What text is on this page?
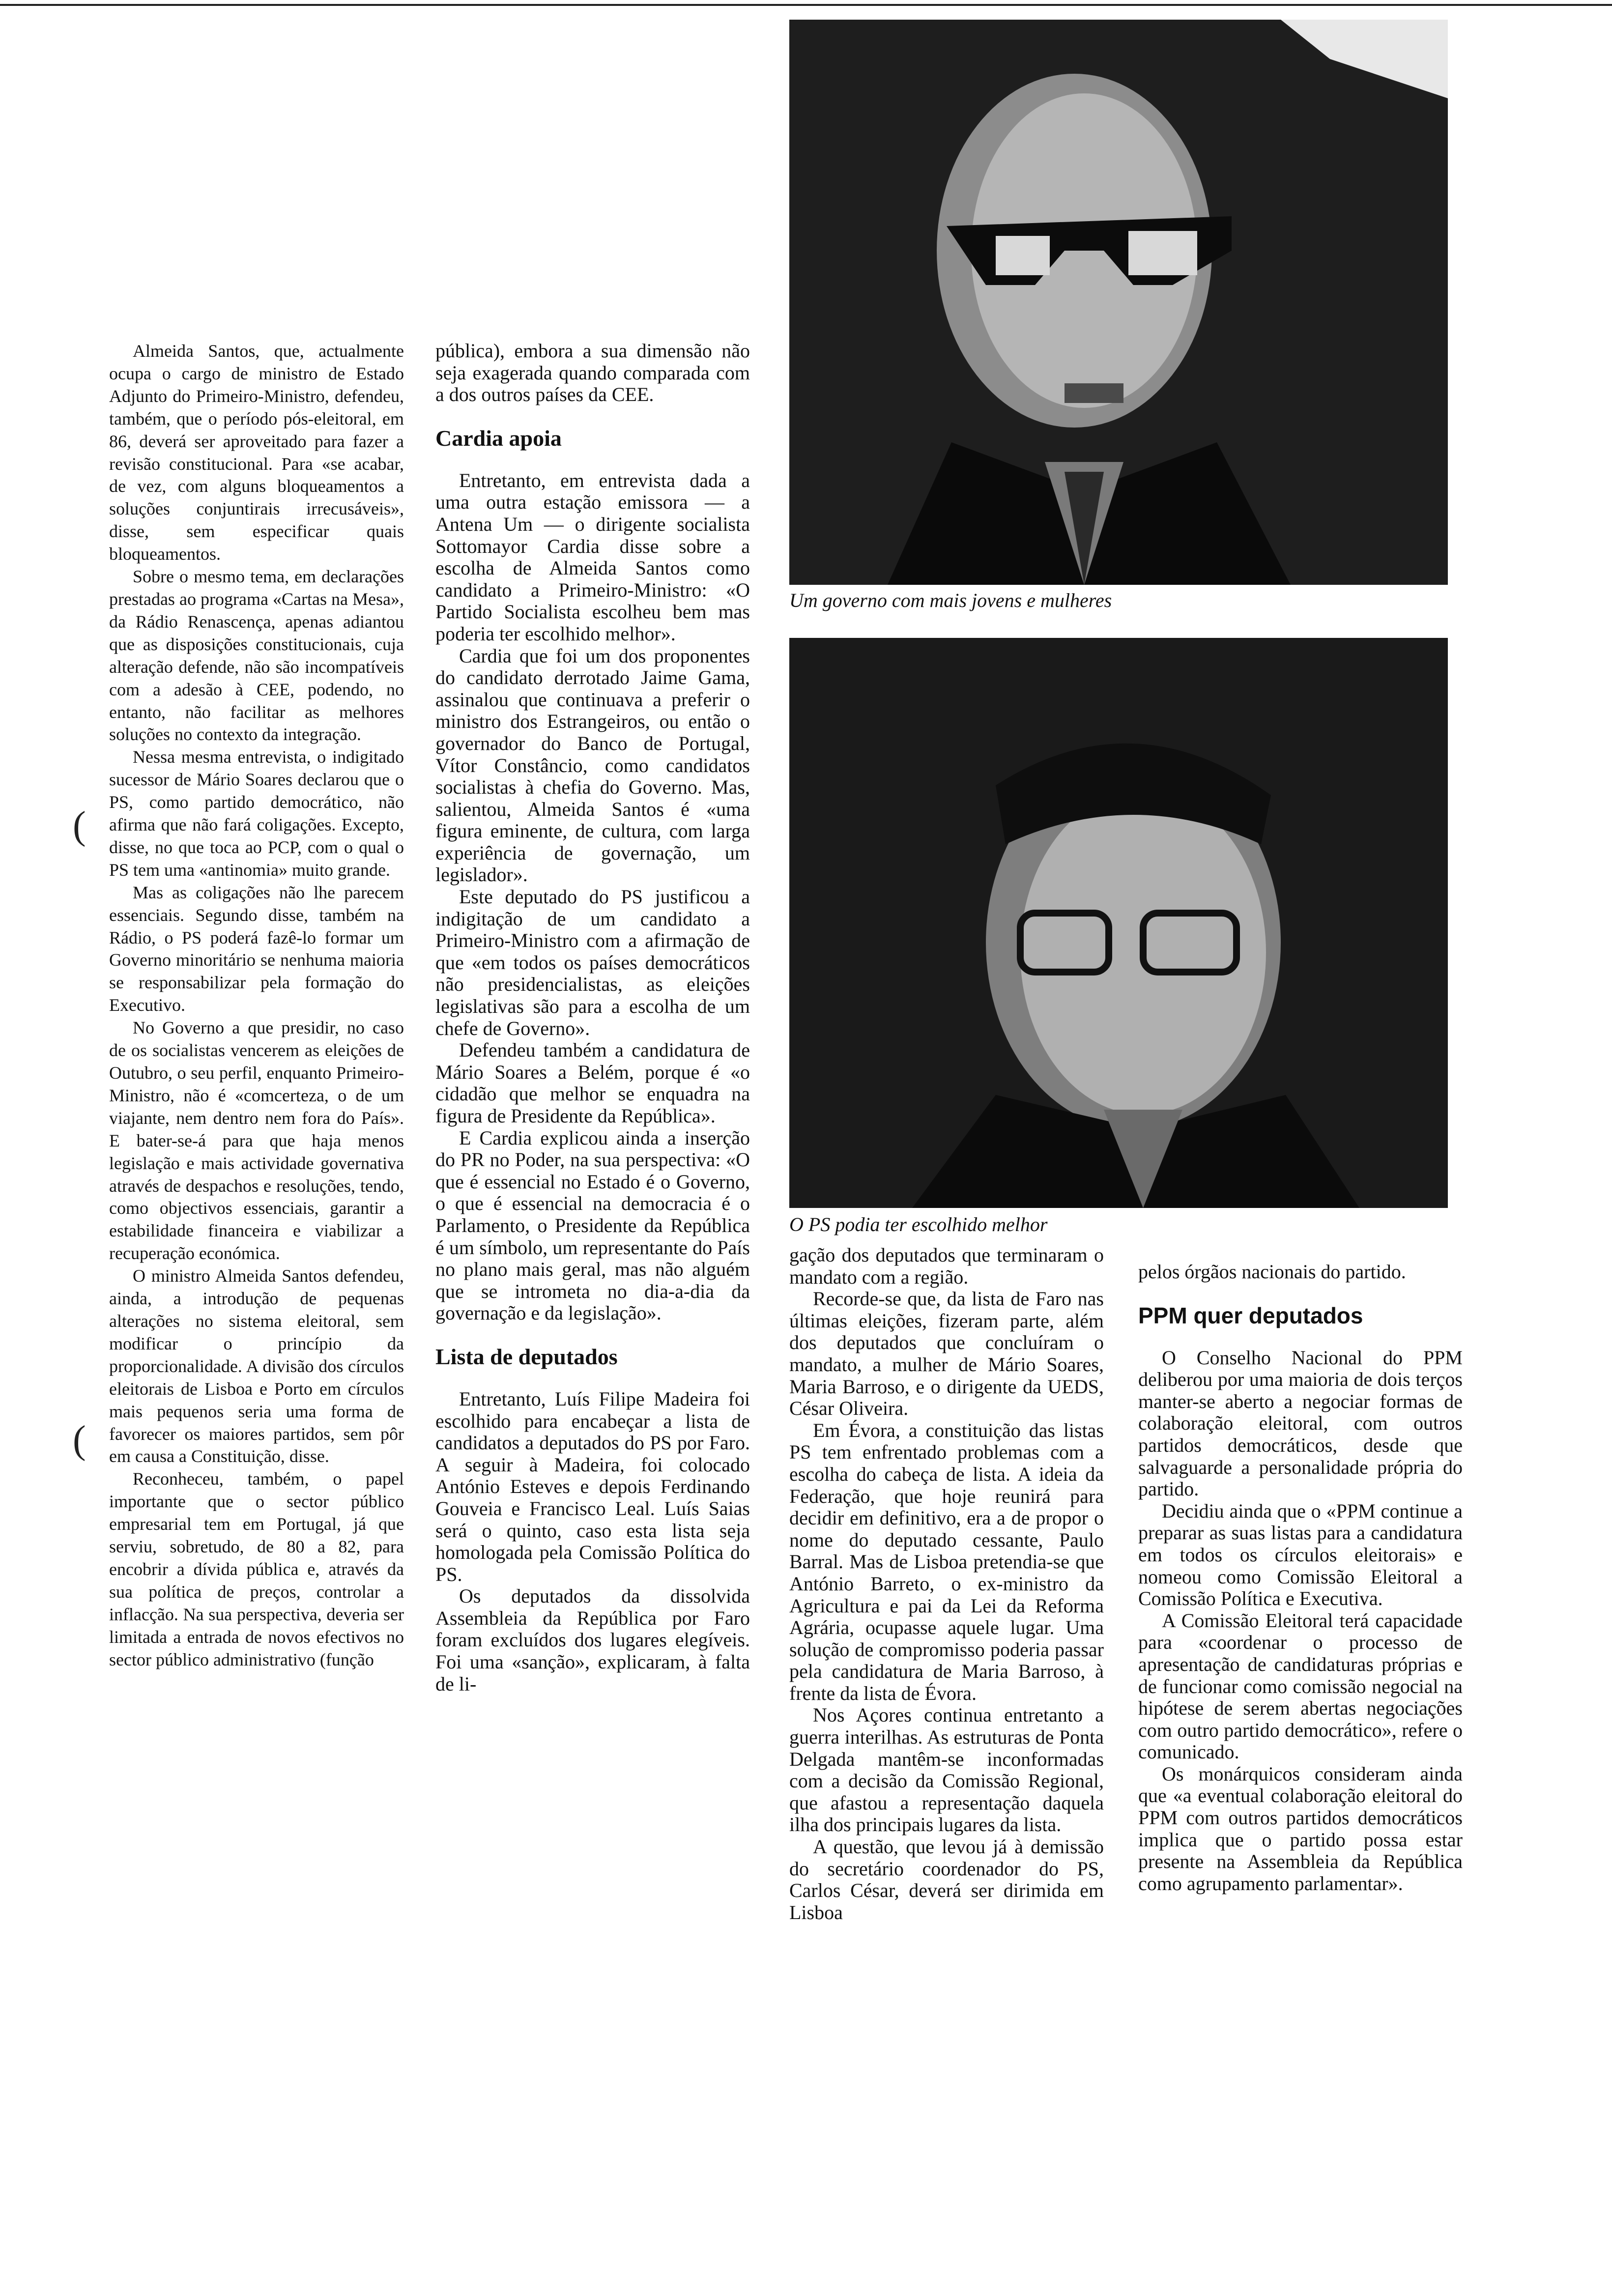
Um governo com mais jovens e mulheres
O PS podia ter escolhido melhor
(
(

Almeida Santos, que, actualmente ocupa o cargo de ministro de Estado Adjunto do Primeiro-Ministro, defendeu, também, que o período pós-eleitoral, em 86, deverá ser aproveitado para fazer a revisão constitucional. Para «se acabar, de vez, com alguns bloqueamentos a soluções conjuntirais irrecusáveis», disse, sem especificar quais bloqueamentos.

Sobre o mesmo tema, em declarações prestadas ao programa «Cartas na Mesa», da Rádio Renascença, apenas adiantou que as disposições constitucionais, cuja alteração defende, não são incompatíveis com a adesão à CEE, podendo, no entanto, não facilitar as melhores soluções no contexto da integração.

Nessa mesma entrevista, o indigitado sucessor de Mário Soares declarou que o PS, como partido democrático, não afirma que não fará coligações. Excepto, disse, no que toca ao PCP, com o qual o PS tem uma «antinomia» muito grande.

Mas as coligações não lhe parecem essenciais. Segundo disse, também na Rádio, o PS poderá fazê-lo formar um Governo minoritário se nenhuma maioria se responsabilizar pela formação do Executivo.

No Governo a que presidir, no caso de os socialistas vencerem as eleições de Outubro, o seu perfil, enquanto Primeiro-Ministro, não é «comcerteza, o de um viajante, nem dentro nem fora do País». E bater-se-á para que haja menos legislação e mais actividade governativa através de despachos e resoluções, tendo, como objectivos essenciais, garantir a estabilidade financeira e viabilizar a recuperação económica.

O ministro Almeida Santos defendeu, ainda, a introdução de pequenas alterações no sistema eleitoral, sem modificar o princípio da proporcionalidade. A divisão dos círculos eleitorais de Lisboa e Porto em círculos mais pequenos seria uma forma de favorecer os maiores partidos, sem pôr em causa a Constituição, disse.

Reconheceu, também, o papel importante que o sector público empresarial tem em Portugal, já que serviu, sobretudo, de 80 a 82, para encobrir a dívida pública e, através da sua política de preços, controlar a inflacção. Na sua perspectiva, deveria ser limitada a entrada de novos efectivos no sector público administrativo (função

pública), embora a sua dimensão não seja exagerada quando comparada com a dos outros países da CEE.

Cardia apoia

Entretanto, em entrevista dada a uma outra estação emissora — a Antena Um — o dirigente socialista Sottomayor Cardia disse sobre a escolha de Almeida Santos como candidato a Primeiro-Ministro: «O Partido Socialista escolheu bem mas poderia ter escolhido melhor».

Cardia que foi um dos proponentes do candidato derrotado Jaime Gama, assinalou que continuava a preferir o ministro dos Estrangeiros, ou então o governador do Banco de Portugal, Vítor Constâncio, como candidatos socialistas à chefia do Governo. Mas, salientou, Almeida Santos é «uma figura eminente, de cultura, com larga experiência de governação, um legislador».

Este deputado do PS justificou a indigitação de um candidato a Primeiro-Ministro com a afirmação de que «em todos os países democráticos não presidencialistas, as eleições legislativas são para a escolha de um chefe de Governo».

Defendeu também a candidatura de Mário Soares a Belém, porque é «o cidadão que melhor se enquadra na figura de Presidente da República».

E Cardia explicou ainda a inserção do PR no Poder, na sua perspectiva: «O que é essencial no Estado é o Governo, o que é essencial na democracia é o Parlamento, o Presidente da República é um símbolo, um representante do País no plano mais geral, mas não alguém que se intrometa no dia-a-dia da governação e da legislação».

Lista de deputados

Entretanto, Luís Filipe Madeira foi escolhido para encabeçar a lista de candidatos a deputados do PS por Faro. A seguir à Madeira, foi colocado António Esteves e depois Ferdinando Gouveia e Francisco Leal. Luís Saias será o quinto, caso esta lista seja homologada pela Comissão Política do PS.

Os deputados da dissolvida Assembleia da República por Faro foram excluídos dos lugares elegíveis. Foi uma «sanção», explicaram, à falta de li-

gação dos deputados que terminaram o mandato com a região.

Recorde-se que, da lista de Faro nas últimas eleições, fizeram parte, além dos deputados que concluíram o mandato, a mulher de Mário Soares, Maria Barroso, e o dirigente da UEDS, César Oliveira.

Em Évora, a constituição das listas PS tem enfrentado problemas com a escolha do cabeça de lista. A ideia da Federação, que hoje reunirá para decidir em definitivo, era a de propor o nome do deputado cessante, Paulo Barral. Mas de Lisboa pretendia-se que António Barreto, o ex-ministro da Agricultura e pai da Lei da Reforma Agrária, ocupasse aquele lugar. Uma solução de compromisso poderia passar pela candidatura de Maria Barroso, à frente da lista de Évora.

Nos Açores continua entretanto a guerra interilhas. As estruturas de Ponta Delgada mantêm-se inconformadas com a decisão da Comissão Regional, que afastou a representação daquela ilha dos principais lugares da lista.

A questão, que levou já à demissão do secretário coordenador do PS, Carlos César, deverá ser dirimida em Lisboa

pelos órgãos nacionais do partido.

PPM quer deputados

O Conselho Nacional do PPM deliberou por uma maioria de dois terços manter-se aberto a negociar formas de colaboração eleitoral, com outros partidos democráticos, desde que salvaguarde a personalidade própria do partido.

Decidiu ainda que o «PPM continue a preparar as suas listas para a candidatura em todos os círculos eleitorais» e nomeou como Comissão Eleitoral a Comissão Política e Executiva.

A Comissão Eleitoral terá capacidade para «coordenar o processo de apresentação de candidaturas próprias e de funcionar como comissão negocial na hipótese de serem abertas negociações com outro partido democrático», refere o comunicado.

Os monárquicos consideram ainda que «a eventual colaboração eleitoral do PPM com outros partidos democráticos implica que o partido possa estar presente na Assembleia da República como agrupamento parlamentar».
